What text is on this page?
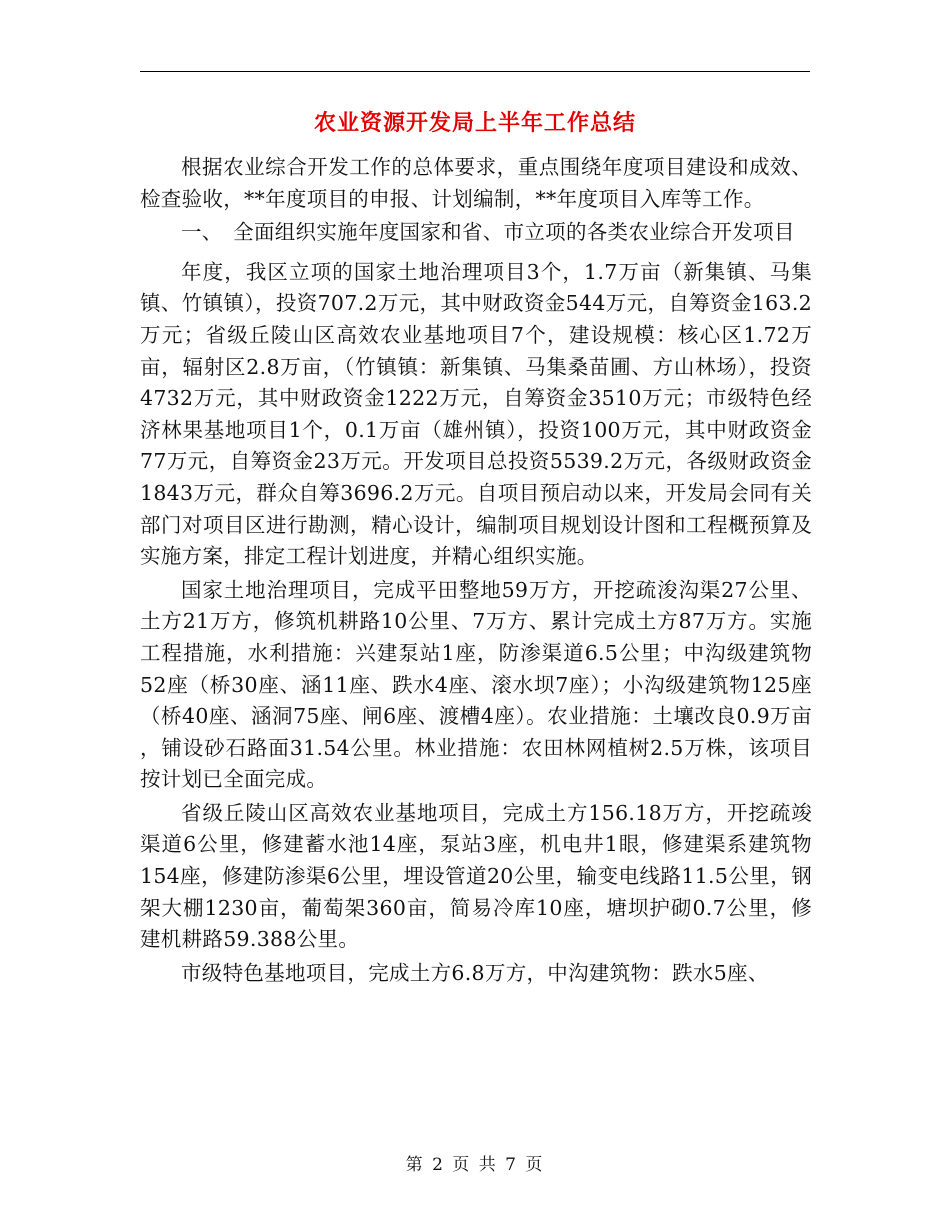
农业资源开发局上半年工作总结

根据农业综合开发工作的总体要求，重点围绕年度项目建设和成效、检查验收，**年度项目的申报、计划编制，**年度项目入库等工作。

一、　全面组织实施年度国家和省、市立项的各类农业综合开发项目

年度，我区立项的国家土地治理项目3个，1.7万亩（新集镇、马集镇、竹镇镇），投资707.2万元，其中财政资金544万元，自筹资金163.2万元；省级丘陵山区高效农业基地项目7个，建设规模：核心区1.72万亩，辐射区2.8万亩，（竹镇镇：新集镇、马集桑苗圃、方山林场），投资4732万元，其中财政资金1222万元，自筹资金3510万元；市级特色经济林果基地项目1个，0.1万亩（雄州镇），投资100万元，其中财政资金77万元，自筹资金23万元。开发项目总投资5539.2万元，各级财政资金1843万元，群众自筹3696.2万元。自项目预启动以来，开发局会同有关部门对项目区进行勘测，精心设计，编制项目规划设计图和工程概预算及实施方案，排定工程计划进度，并精心组织实施。

国家土地治理项目，完成平田整地59万方，开挖疏浚沟渠27公里、土方21万方，修筑机耕路10公里、7万方、累计完成土方87万方。实施工程措施，水利措施：兴建泵站1座，防渗渠道6.5公里；中沟级建筑物52座（桥30座、涵11座、跌水4座、滚水坝7座）；小沟级建筑物125座（桥40座、涵洞75座、闸6座、渡槽4座）。农业措施：土壤改良0.9万亩 ，铺设砂石路面31.54公里。林业措施：农田林网植树2.5万株，该项目按计划已全面完成。

省级丘陵山区高效农业基地项目，完成土方156.18万方，开挖疏竣渠道6公里，修建蓄水池14座，泵站3座，机电井1眼，修建渠系建筑物154座，修建防渗渠6公里，埋设管道20公里，输变电线路11.5公里，钢架大棚1230亩，葡萄架360亩，简易冷库10座，塘坝护砌0.7公里，修建机耕路59.388公里。

市级特色基地项目，完成土方6.8万方，中沟建筑物：跌水5座、

第 2 页 共 7 页
